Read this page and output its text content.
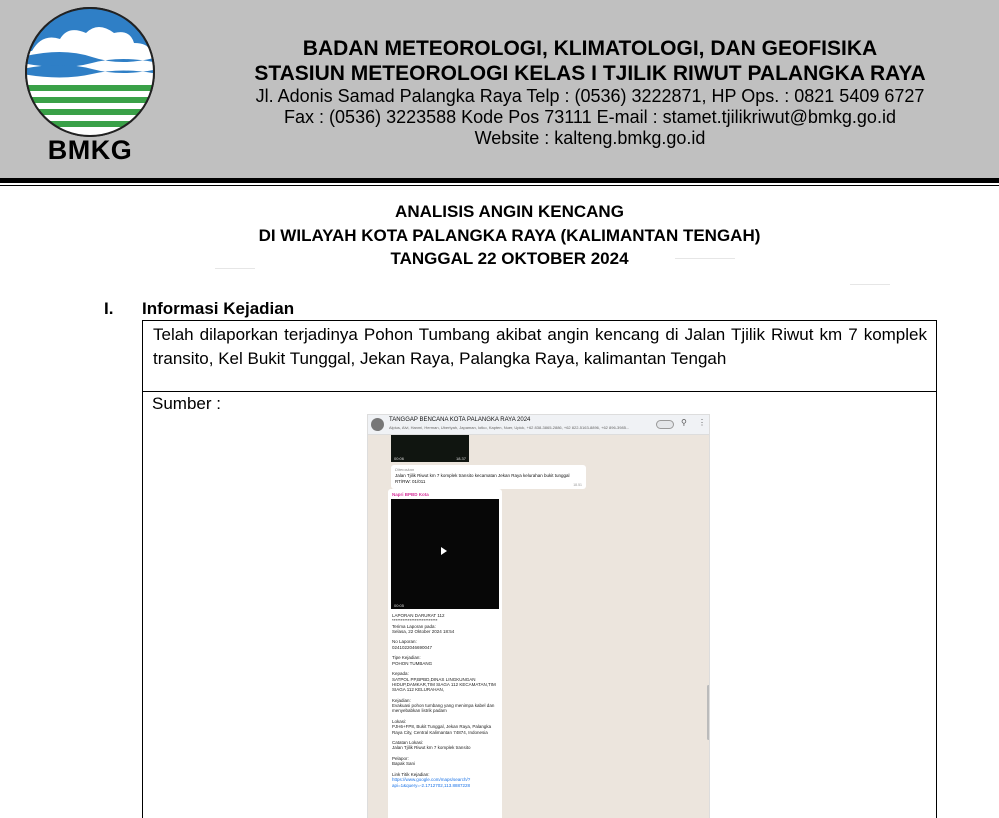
BMKG
BADAN METEOROLOGI, KLIMATOLOGI, DAN GEOFISIKA
STASIUN METEOROLOGI KELAS I TJILIK RIWUT PALANGKA RAYA
Jl. Adonis Samad Palangka Raya Telp : (0536) 3222871, HP Ops. : 0821 5409 6727
Fax : (0536) 3223588 Kode Pos 73111 E-mail : stamet.tjilikriwut@bmkg.go.id
Website : kalteng.bmkg.go.id
ANALISIS ANGIN KENCANG
DI WILAYAH KOTA PALANGKA RAYA (KALIMANTAN TENGAH)
TANGGAL 22 OKTOBER 2024
I. Informasi Kejadian
Telah dilaporkan terjadinya Pohon Tumbang akibat angin kencang di Jalan Tjilik Riwut km 7 komplek transito, Kel Bukit Tunggal, Jekan Raya, Palangka Raya, kalimantan Tengah
Sumber :
TANGGAP BENCANA KOTA PALANGKA RAYA 2024
Alpius, Alvi, Hanmi, Herman, Ubertyah, Japaman, Iotko, Kapten, Nuer, Upick, +62 838-3865-2886, +62 822-5163-8896, +62 896-3985...
⚲ ⋮
00:06	18.37
Diteruskan
Jalan Tjilik Riwut km 7 komplek transito kecamatan Jekan Raya kelurahan bukit tunggal RT/RW: 01/011
18.51
Napri BPBD Kota
00:05
LAPORAN DARURAT 112
**************************
Terima Laporan pada:
Selasa, 22 Oktober 2024 18:54

No Laporan:
0241022046690047

Tipe Kejadian:
POHON TUMBANG

Kepada:
SATPOL PP,BPBD,DINAS LINGKUNGAN HIDUP,DAMKAR,TIM SIAGA 112 KECAMATAN,TIM SIAGA 112 KELURAHAN,

Kejadian:
Evakuasi pohon tumbang yang menimpa kabel dan menyebabkan listrik padam

Lokasi:
PJH6+FP8, Bukit Tunggal, Jekan Raya, Palangka Raya City, Central Kalimantan 74874, Indonesia

Catatan Lokasi:
Jalan Tjilik Riwut km 7 komplek transito

Pelapor:
Bapak Sani

Link Titik Kejadian:
https://www.google.com/maps/search/?api=1&query=-2.1712702,113.8887228
